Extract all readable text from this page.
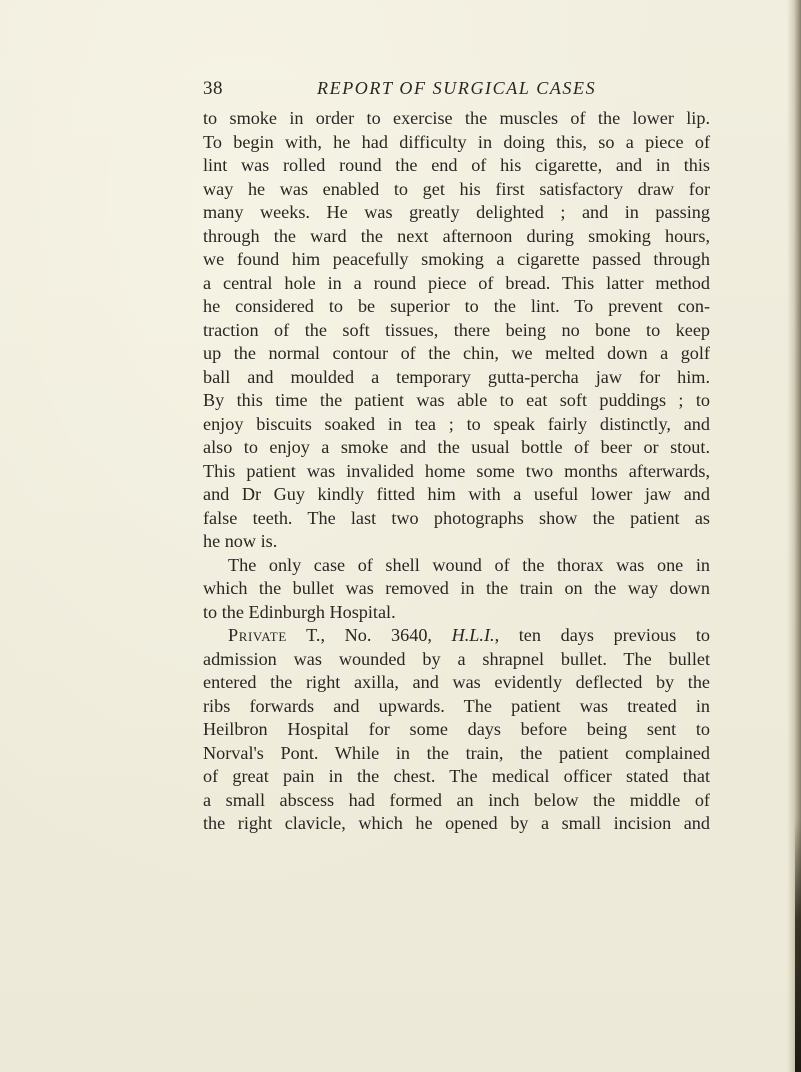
38	REPORT OF SURGICAL CASES
to smoke in order to exercise the muscles of the lower lip.
To begin with, he had difficulty in doing this, so a piece of
lint was rolled round the end of his cigarette, and in this
way he was enabled to get his first satisfactory draw for
many weeks. He was greatly delighted ; and in passing
through the ward the next afternoon during smoking hours,
we found him peacefully smoking a cigarette passed through
a central hole in a round piece of bread. This latter method
he considered to be superior to the lint. To prevent con-
traction of the soft tissues, there being no bone to keep
up the normal contour of the chin, we melted down a golf
ball and moulded a temporary gutta-percha jaw for him.
By this time the patient was able to eat soft puddings ; to
enjoy biscuits soaked in tea ; to speak fairly distinctly, and
also to enjoy a smoke and the usual bottle of beer or stout.
This patient was invalided home some two months afterwards,
and Dr Guy kindly fitted him with a useful lower jaw and
false teeth. The last two photographs show the patient as
he now is.
The only case of shell wound of the thorax was one in
which the bullet was removed in the train on the way down
to the Edinburgh Hospital.
Private T., No. 3640, H.L.I., ten days previous to
admission was wounded by a shrapnel bullet. The bullet
entered the right axilla, and was evidently deflected by the
ribs forwards and upwards. The patient was treated in
Heilbron Hospital for some days before being sent to
Norval's Pont. While in the train, the patient complained
of great pain in the chest. The medical officer stated that
a small abscess had formed an inch below the middle of
the right clavicle, which he opened by a small incision and
